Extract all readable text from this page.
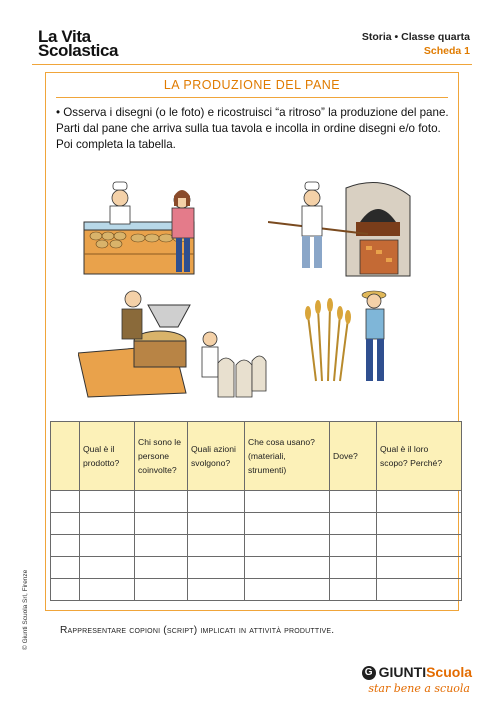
La Vita
Scolastica
Storia • Classe quarta
Scheda 1
LA PRODUZIONE DEL PANE
• Osserva i disegni (o le foto) e ricostruisci “a ritroso” la produzione del pane. Parti dal pane che arriva sulla tua tavola e incolla in ordine disegni e/o foto. Poi completa la tabella.
	Qual è il prodotto?	Chi sono le persone coinvolte?	Quali azioni svolgono?	Che cosa usano? (materiali, strumenti)	Dove?	Qual è il loro scopo? Perché?

Rappresentare copioni (script) implicati in attività produttive.
© Giunti Scuola Srl, Firenze
G GIUNTIScuola
star bene a scuola
